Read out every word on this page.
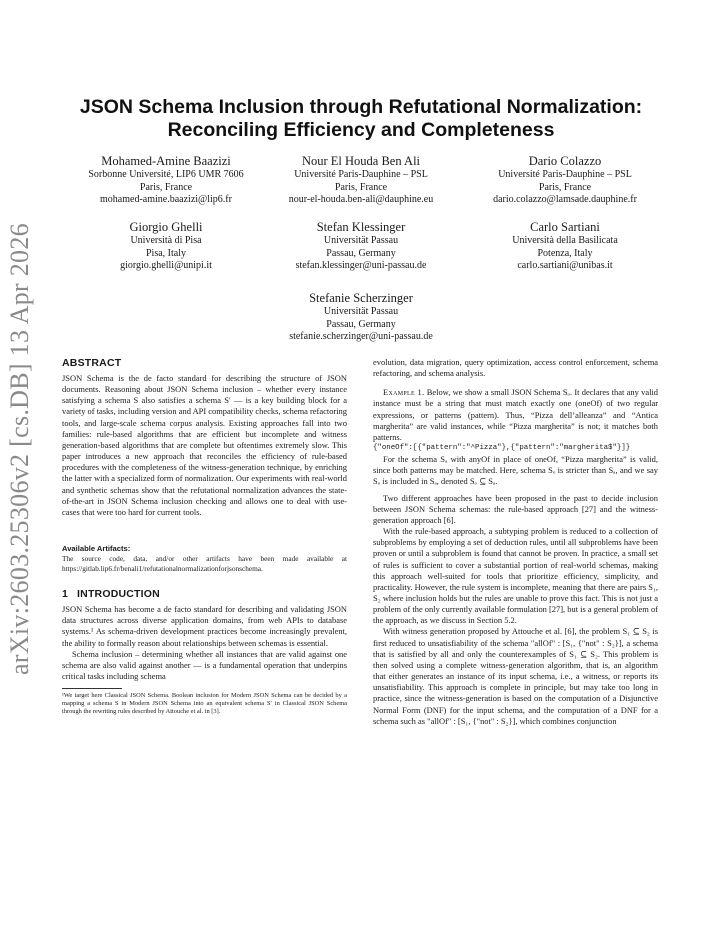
arXiv:2603.25306v2 [cs.DB] 13 Apr 2026
JSON Schema Inclusion through Refutational Normalization:
Reconciling Efficiency and Completeness
Mohamed-Amine Baazizi
Sorbonne Université, LIP6 UMR 7606
Paris, France
mohamed-amine.baazizi@lip6.fr
Nour El Houda Ben Ali
Université Paris-Dauphine – PSL
Paris, France
nour-el-houda.ben-ali@dauphine.eu
Dario Colazzo
Université Paris-Dauphine – PSL
Paris, France
dario.colazzo@lamsade.dauphine.fr
Giorgio Ghelli
Università di Pisa
Pisa, Italy
giorgio.ghelli@unipi.it
Stefan Klessinger
Universität Passau
Passau, Germany
stefan.klessinger@uni-passau.de
Carlo Sartiani
Università della Basilicata
Potenza, Italy
carlo.sartiani@unibas.it
Stefanie Scherzinger
Universität Passau
Passau, Germany
stefanie.scherzinger@uni-passau.de
ABSTRACT

JSON Schema is the de facto standard for describing the structure of JSON documents. Reasoning about JSON Schema inclusion – whether every instance satisfying a schema S also satisfies a schema S′ — is a key building block for a variety of tasks, including version and API compatibility checks, schema refactoring tools, and large-scale schema corpus analysis. Existing approaches fall into two families: rule-based algorithms that are efficient but incomplete and witness generation-based algorithms that are complete but oftentimes extremely slow. This paper introduces a new approach that reconciles the efficiency of rule-based procedures with the completeness of the witness-generation technique, by enriching the latter with a specialized form of normalization. Our experiments with real-world and synthetic schemas show that the refutational normalization advances the state-of-the-art in JSON Schema inclusion checking and allows one to deal with use-cases that were too hard for current tools.

Available Artifacts:

The source code, data, and/or other artifacts have been made available at https://gitlab.lip6.fr/benali1/refutationalnormalizationforjsonschema.

1 INTRODUCTION

JSON Schema has become a de facto standard for describing and validating JSON data structures across diverse application domains, from web APIs to database systems.¹ As schema-driven development practices become increasingly prevalent, the ability to formally reason about relationships between schemas is essential.

Schema inclusion – determining whether all instances that are valid against one schema are also valid against another — is a fundamental operation that underpins critical tasks including schema

¹We target here Classical JSON Schema. Boolean inclusion for Modern JSON Schema can be decided by a mapping a schema S in Modern JSON Schema into an equivalent schema S′ in Classical JSON Schema through the rewriting rules described by Attouche et al. in [3].

evolution, data migration, query optimization, access control enforcement, schema refactoring, and schema analysis.

Example 1. Below, we show a small JSON Schema Sₒ. It declares that any valid instance must be a string that must match exactly one (oneOf) of two regular expressions, or patterns (pattern). Thus, “Pizza dell’alleanza” and “Antica margherita” are valid instances, while “Pizza margherita” is not; it matches both patterns.

{"oneOf":[{"pattern":"^Pizza"},{"pattern":"margherita$"}]}

For the schema Sₐ with anyOf in place of oneOf, “Pizza margherita” is valid, since both patterns may be matched. Here, schema Sₒ is stricter than Sₐ, and we say Sₒ is included in Sₐ, denoted Sₒ ⊆ Sₐ.

Two different approaches have been proposed in the past to decide inclusion between JSON Schema schemas: the rule-based approach [27] and the witness-generation approach [6].

With the rule-based approach, a subtyping problem is reduced to a collection of subproblems by employing a set of deduction rules, until all subproblems have been proven or until a subproblem is found that cannot be proven. In practice, a small set of rules is sufficient to cover a substantial portion of real-world schemas, making this approach well-suited for tools that prioritize efficiency, simplicity, and practicality. However, the rule system is incomplete, meaning that there are pairs S₁, S₂ where inclusion holds but the rules are unable to prove this fact. This is not just a problem of the only currently available formulation [27], but is a general problem of the approach, as we discuss in Section 5.2.

With witness generation proposed by Attouche et al. [6], the problem S₁ ⊆ S₂ is first reduced to unsatisfiability of the schema "allOf" : [S₁, {"not" : S₂}], a schema that is satisfied by all and only the counterexamples of S₁ ⊆ S₂. This problem is then solved using a complete witness-generation algorithm, that is, an algorithm that either generates an instance of its input schema, i.e., a witness, or reports its unsatisfiability. This approach is complete in principle, but may take too long in practice, since the witness-generation is based on the computation of a Disjunctive Normal Form (DNF) for the input schema, and the computation of a DNF for a schema such as "allOf" : [S₁, {"not" : S₂}], which combines conjunction
